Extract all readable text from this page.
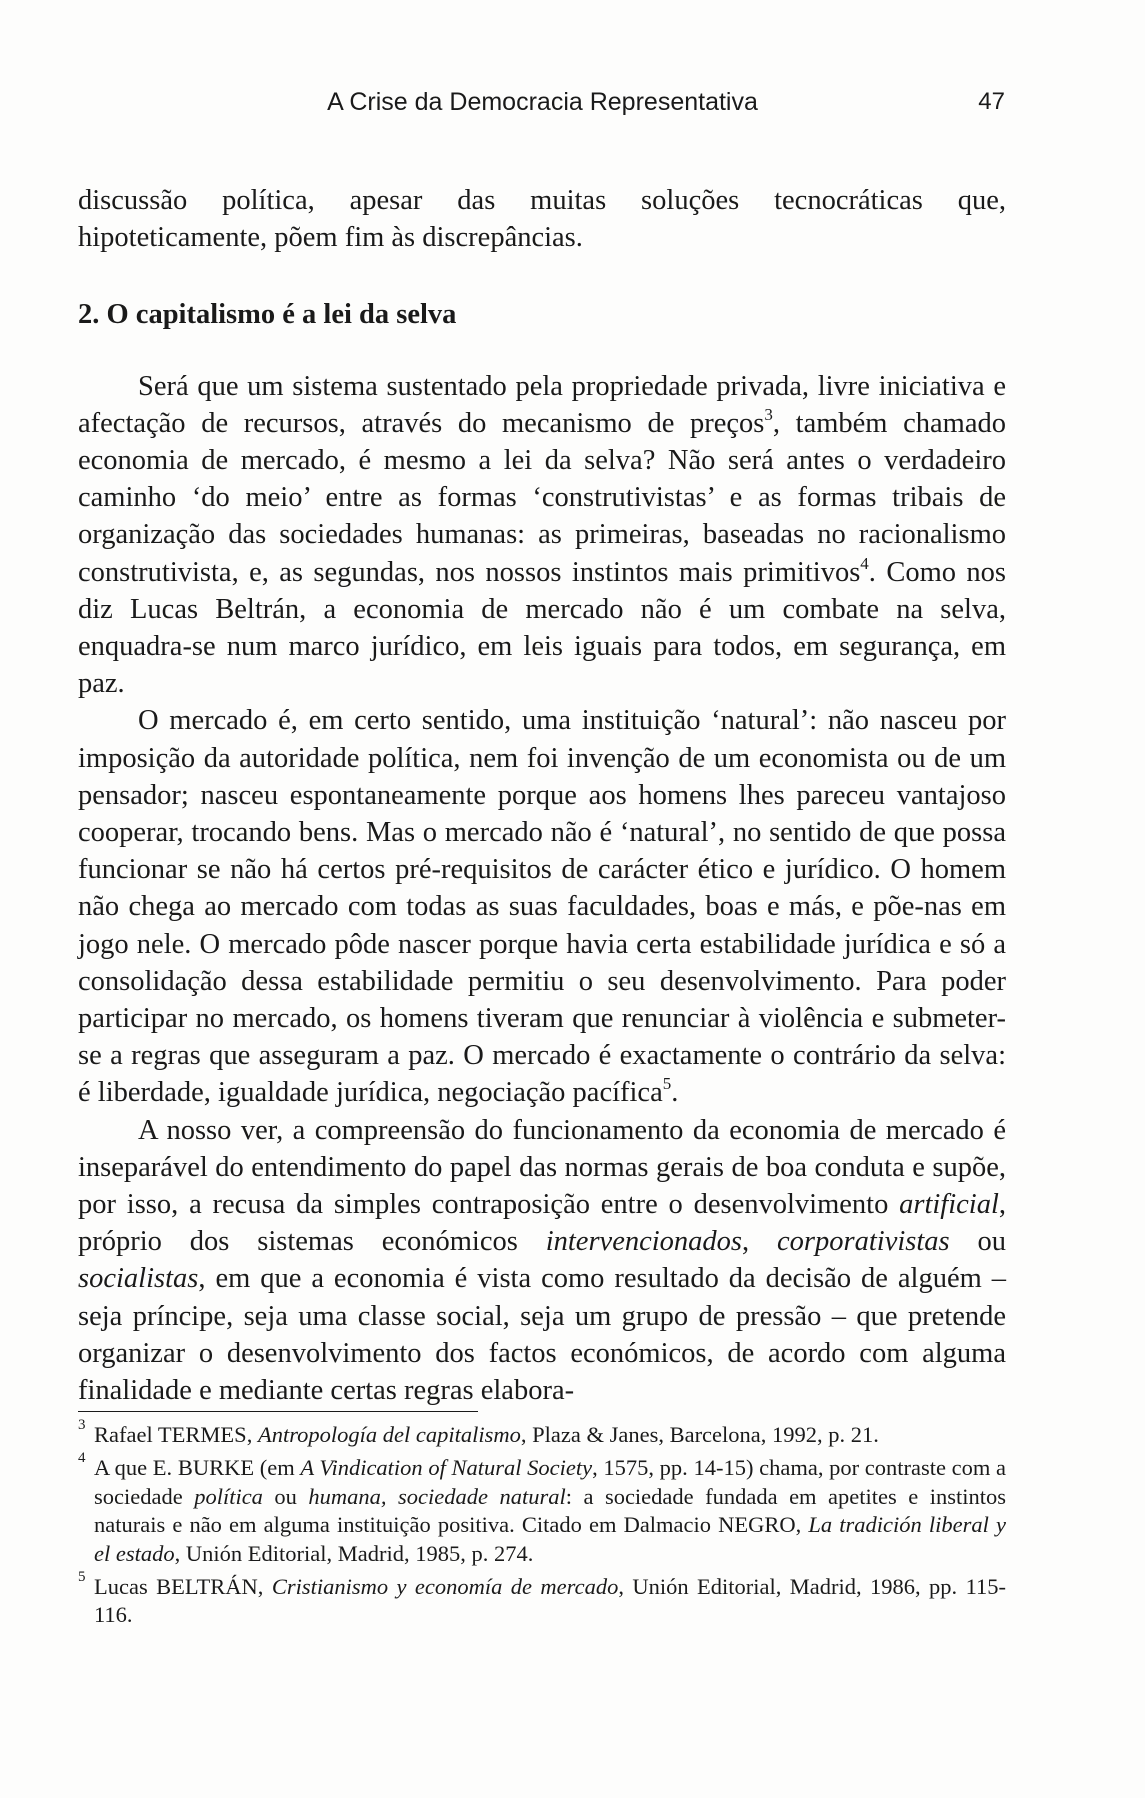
A Crise da Democracia Representativa	47

discussão política, apesar das muitas soluções tecnocráticas que, hipoteticamente, põem fim às discrepâncias.

2. O capitalismo é a lei da selva

Será que um sistema sustentado pela propriedade privada, livre iniciativa e afectação de recursos, através do mecanismo de preços$^3$, também chamado economia de mercado, é mesmo a lei da selva? Não será antes o verdadeiro caminho ‘do meio’ entre as formas ‘construtivistas’ e as formas tribais de organização das sociedades humanas: as primeiras, baseadas no racionalismo construtivista, e, as segundas, nos nossos instintos mais primitivos$^4$. Como nos diz Lucas Beltrán, a economia de mercado não é um combate na selva, enquadra-se num marco jurídico, em leis iguais para todos, em segurança, em paz.

O mercado é, em certo sentido, uma instituição ‘natural’: não nasceu por imposição da autoridade política, nem foi invenção de um economista ou de um pensador; nasceu espontaneamente porque aos homens lhes pareceu vantajoso cooperar, trocando bens. Mas o mercado não é ‘natural’, no sentido de que possa funcionar se não há certos pré-requisitos de carácter ético e jurídico. O homem não chega ao mercado com todas as suas faculdades, boas e más, e põe-nas em jogo nele. O mercado pôde nascer porque havia certa estabilidade jurídica e só a consolidação dessa estabilidade permitiu o seu desenvolvimento. Para poder participar no mercado, os homens tiveram que renunciar à violência e submeter-se a regras que asseguram a paz. O mercado é exactamente o contrário da selva: é liberdade, igualdade jurídica, negociação pacífica$^5$.

A nosso ver, a compreensão do funcionamento da economia de mercado é inseparável do entendimento do papel das normas gerais de boa conduta e supõe, por isso, a recusa da simples contraposição entre o desenvolvimento artificial, próprio dos sistemas económicos intervencionados, corporativistas ou socialistas, em que a economia é vista como resultado da decisão de alguém – seja príncipe, seja uma classe social, seja um grupo de pressão – que pretende organizar o desenvolvimento dos factos económicos, de acordo com alguma finalidade e mediante certas regras elabora-

3 Rafael TERMES, Antropología del capitalismo, Plaza & Janes, Barcelona, 1992, p. 21.

4 A que E. BURKE (em A Vindication of Natural Society, 1575, pp. 14-15) chama, por contraste com a sociedade política ou humana, sociedade natural: a sociedade fundada em apetites e instintos naturais e não em alguma instituição positiva. Citado em Dalmacio NEGRO, La tradición liberal y el estado, Unión Editorial, Madrid, 1985, p. 274.

5 Lucas BELTRÁN, Cristianismo y economía de mercado, Unión Editorial, Madrid, 1986, pp. 115-116.
